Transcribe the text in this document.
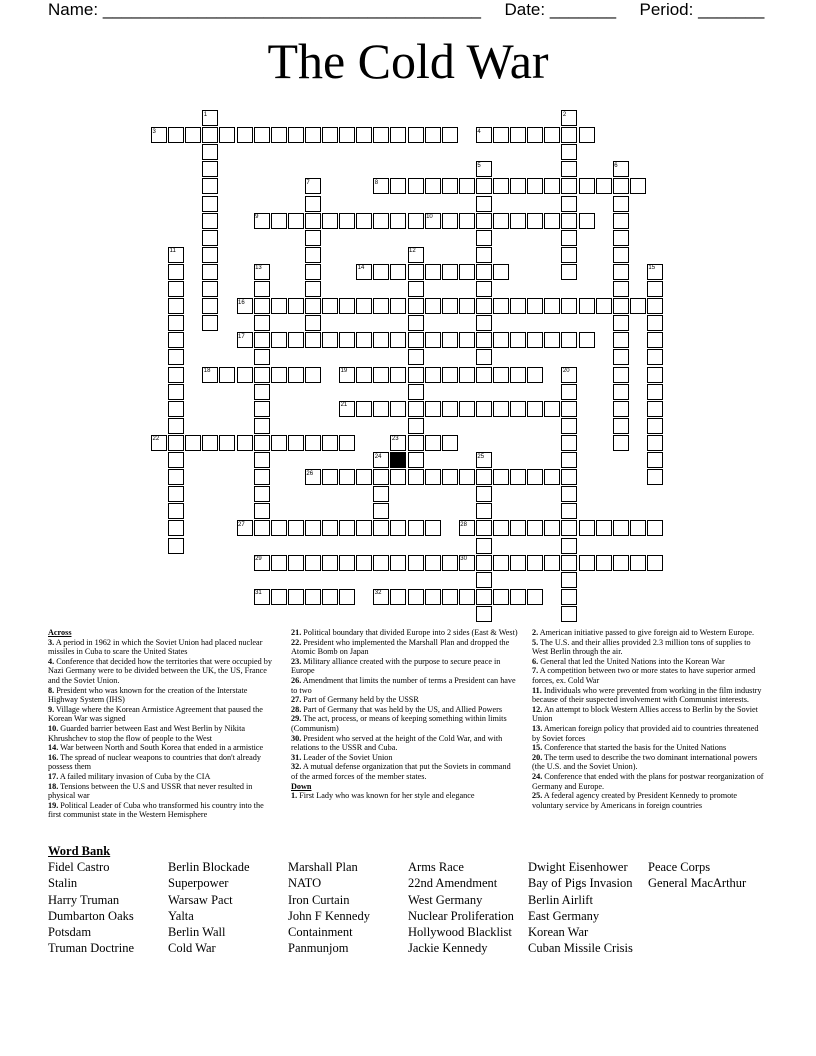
Name: ________________________________________ Date: _______ Period: _______
The Cold War
1	2
3	4
5	6
7	8
9	10
11	12
13	14	15
16
17
18	19	20
21
22	23
24	25
26
27	28
29	30
31	32

Across

3. A period in 1962 in which the Soviet Union had placed nuclear missiles in Cuba to scare the United States

4. Conference that decided how the territories that were occupied by Nazi Germany were to be divided between the UK, the US, France and the Soviet Union.

8. President who was known for the creation of the Interstate Highway System (IHS)

9. Village where the Korean Armistice Agreement that paused the Korean War was signed

10. Guarded barrier between East and West Berlin by Nikita Khrushchev to stop the flow of people to the West

14. War between North and South Korea that ended in a armistice

16. The spread of nuclear weapons to countries that don't already possess them

17. A failed military invasion of Cuba by the CIA

18. Tensions between the U.S and USSR that never resulted in physical war

19. Political Leader of Cuba who transformed his country into the first communist state in the Western Hemisphere

21. Political boundary that divided Europe into 2 sides (East & West)

22. President who implemented the Marshall Plan and dropped the Atomic Bomb on Japan

23. Military alliance created with the purpose to secure peace in Europe

26. Amendment that limits the number of terms a President can have to two

27. Part of Germany held by the USSR

28. Part of Germany that was held by the US, and Allied Powers

29. The act, process, or means of keeping something within limits (Communism)

30. President who served at the height of the Cold War, and with relations to the USSR and Cuba.

31. Leader of the Soviet Union

32. A mutual defense organization that put the Soviets in command of the armed forces of the member states.

Down

1. First Lady who was known for her style and elegance

2. American initiative passed to give foreign aid to Western Europe.

5. The U.S. and their allies provided 2.3 million tons of supplies to West Berlin through the air.

6. General that led the United Nations into the Korean War

7. A competition between two or more states to have superior armed forces, ex. Cold War

11. Individuals who were prevented from working in the film industry because of their suspected involvement with Communist interests.

12. An attempt to block Western Allies access to Berlin by the Soviet Union

13. American foreign policy that provided aid to countries threatened by Soviet forces

15. Conference that started the basis for the United Nations

20. The term used to describe the two dominant international powers (the U.S. and the Soviet Union).

24. Conference that ended with the plans for postwar reorganization of Germany and Europe.

25. A federal agency created by President Kennedy to promote voluntary service by Americans in foreign countries

Word Bank
Fidel Castro
Stalin
Harry Truman
Dumbarton Oaks
Potsdam
Truman Doctrine
Berlin Blockade
Superpower
Warsaw Pact
Yalta
Berlin Wall
Cold War
Marshall Plan
NATO
Iron Curtain
John F Kennedy
Containment
Panmunjom
Arms Race
22nd Amendment
West Germany
Nuclear Proliferation
Hollywood Blacklist
Jackie Kennedy
Dwight Eisenhower
Bay of Pigs Invasion
Berlin Airlift
East Germany
Korean War
Cuban Missile Crisis
Peace Corps
General MacArthur
